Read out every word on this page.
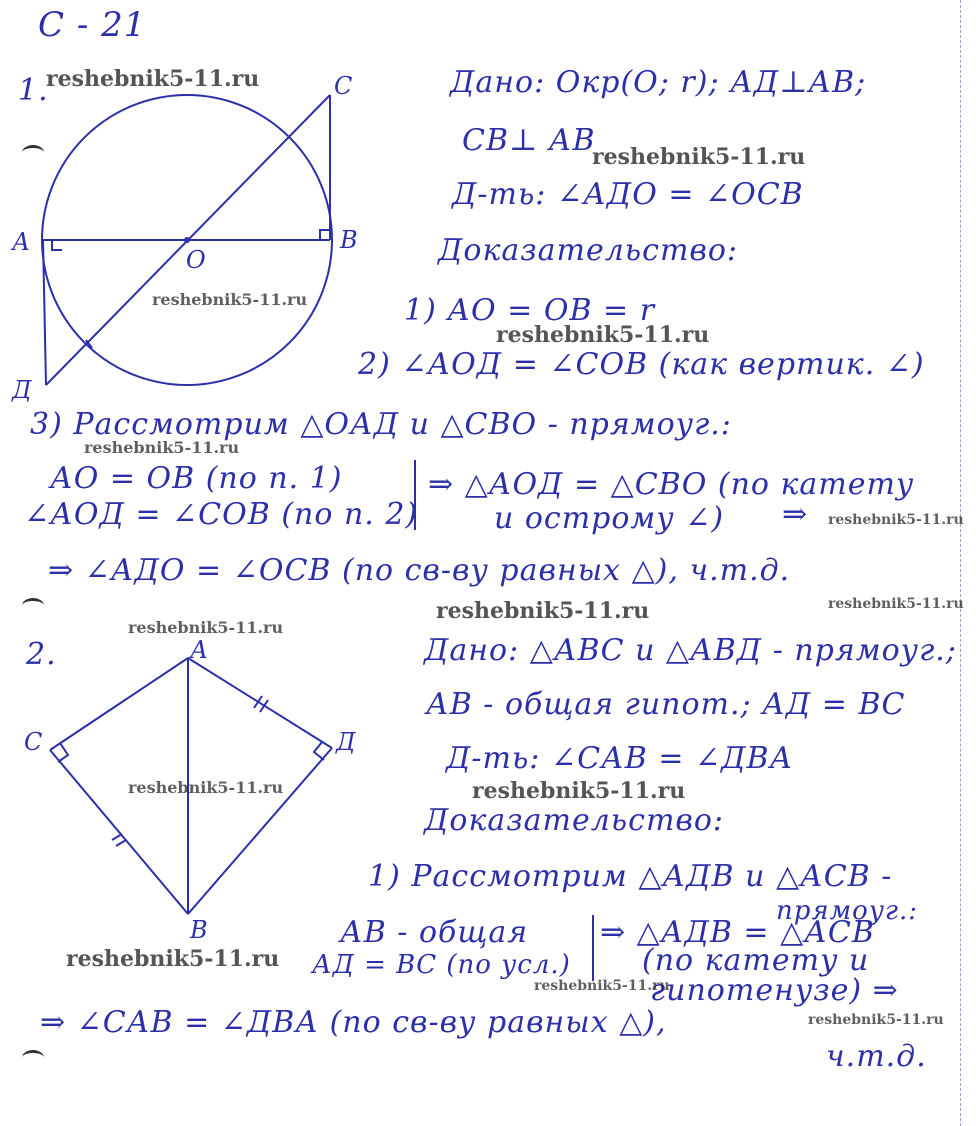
С - 21
1.
А	В
С
Д
О
Дано: Окр(О; r); АД⊥АВ;
СВ⊥ АВ
Д-ть: ∠АДО = ∠ОСВ
Доказательство:
1) АО = ОВ = r
2) ∠АОД = ∠СОВ (как вертик. ∠)
3) Рассмотрим △ОАД и △СВО - прямоуг.:
АО = ОВ (по п. 1)
∠АОД = ∠СОВ (по п. 2)
⇒ △АОД = △СВО (по катету
и острому ∠) ⇒
⇒ ∠АДО = ∠ОСВ (по св-ву равных △), ч.т.д.
2.	А
В
С	Д
Дано: △АВС и △АВД - прямоуг.;
АВ - общая гипот.; АД = ВС
Д-ть: ∠САВ = ∠ДВА
Доказательство:
1) Рассмотрим △АДВ и △АСВ -
прямоуг.:
АВ - общая
АД = ВС (по усл.)
⇒ △АДВ = △АСВ
(по катету и
гипотенузе) ⇒
⇒ ∠САВ = ∠ДВА (по св-ву равных △),
ч.т.д.
reshebnik5-11.ru
reshebnik5-11.ru
reshebnik5-11.ru
reshebnik5-11.ru
reshebnik5-11.ru
reshebnik5-11.ru
reshebnik5-11.ru
reshebnik5-11.ru
reshebnik5-11.ru
reshebnik5-11.ru	reshebnik5-11.ru
reshebnik5-11.ru
reshebnik5-11.ru
reshebnik5-11.ru
